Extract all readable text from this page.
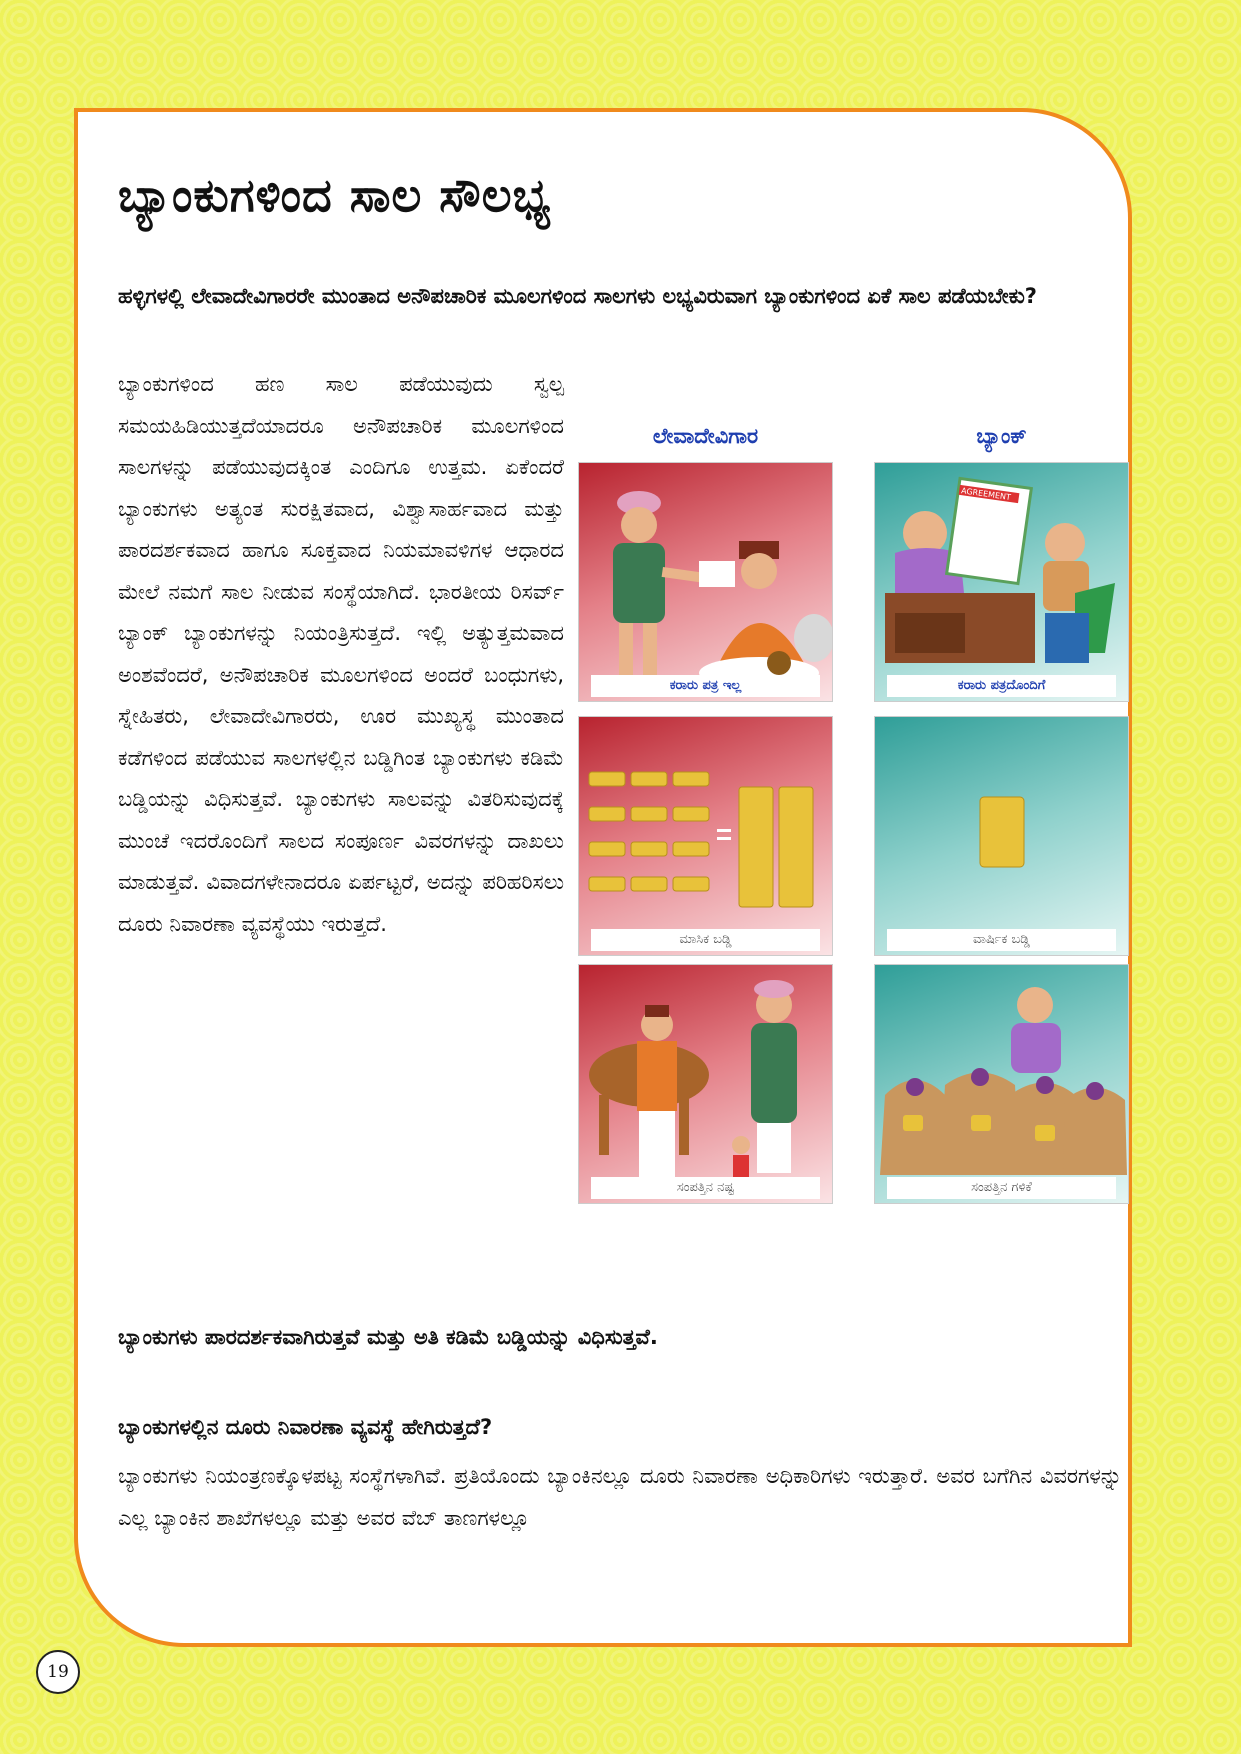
ಬ್ಯಾಂಕುಗಳಿಂದ ಸಾಲ ಸೌಲಭ್ಯ

ಹಳ್ಳಿಗಳಲ್ಲಿ ಲೇವಾದೇವಿಗಾರರೇ ಮುಂತಾದ ಅನೌಪಚಾರಿಕ ಮೂಲಗಳಿಂದ ಸಾಲಗಳು ಲಭ್ಯವಿರುವಾಗ ಬ್ಯಾಂಕುಗಳಿಂದ ಏಕೆ ಸಾಲ ಪಡೆಯಬೇಕು?

ಬ್ಯಾಂಕುಗಳಿಂದ ಹಣ ಸಾಲ ಪಡೆಯುವುದು ಸ್ವಲ್ಪ ಸಮಯಹಿಡಿಯುತ್ತದೆಯಾದರೂ ಅನೌಪಚಾರಿಕ ಮೂಲಗಳಿಂದ ಸಾಲಗಳನ್ನು ಪಡೆಯುವುದಕ್ಕಿಂತ ಎಂದಿಗೂ ಉತ್ತಮ. ಏಕೆಂದರೆ ಬ್ಯಾಂಕುಗಳು ಅತ್ಯಂತ ಸುರಕ್ಷಿತವಾದ, ವಿಶ್ವಾಸಾರ್ಹವಾದ ಮತ್ತು ಪಾರದರ್ಶಕವಾದ ಹಾಗೂ ಸೂಕ್ತವಾದ ನಿಯಮಾವಳಿಗಳ ಆಧಾರದ ಮೇಲೆ ನಮಗೆ ಸಾಲ ನೀಡುವ ಸಂಸ್ಥೆಯಾಗಿದೆ. ಭಾರತೀಯ ರಿಸರ್ವ್ ಬ್ಯಾಂಕ್ ಬ್ಯಾಂಕುಗಳನ್ನು ನಿಯಂತ್ರಿಸುತ್ತದೆ. ಇಲ್ಲಿ ಅತ್ಯುತ್ತಮವಾದ ಅಂಶವೆಂದರೆ, ಅನೌಪಚಾರಿಕ ಮೂಲಗಳಿಂದ ಅಂದರೆ ಬಂಧುಗಳು, ಸ್ನೇಹಿತರು, ಲೇವಾದೇವಿಗಾರರು, ಊರ ಮುಖ್ಯಸ್ಥ ಮುಂತಾದ ಕಡೆಗಳಿಂದ ಪಡೆಯುವ ಸಾಲಗಳಲ್ಲಿನ ಬಡ್ಡಿಗಿಂತ ಬ್ಯಾಂಕುಗಳು ಕಡಿಮೆ ಬಡ್ಡಿಯನ್ನು ವಿಧಿಸುತ್ತವೆ. ಬ್ಯಾಂಕುಗಳು ಸಾಲವನ್ನು ವಿತರಿಸುವುದಕ್ಕೆ ಮುಂಚೆ ಇದರೊಂದಿಗೆ ಸಾಲದ ಸಂಪೂರ್ಣ ವಿವರಗಳನ್ನು ದಾಖಲು ಮಾಡುತ್ತವೆ. ವಿವಾದಗಳೇನಾದರೂ ಏರ್ಪಟ್ಟರೆ, ಅದನ್ನು ಪರಿಹರಿಸಲು ದೂರು ನಿವಾರಣಾ ವ್ಯವಸ್ಥೆಯು ಇರುತ್ತದೆ.

ಲೇವಾದೇವಿಗಾರ	ಬ್ಯಾಂಕ್
ಕರಾರು ಪತ್ರ ಇಲ್ಲ
AGREEMENT
ಕರಾರು ಪತ್ರದೊಂದಿಗೆ
ಮಾಸಿಕ ಬಡ್ಡಿ	ವಾರ್ಷಿಕ ಬಡ್ಡಿ
ಸಂಪತ್ತಿನ ನಷ್ಟ	ಸಂಪತ್ತಿನ ಗಳಿಕೆ

ಬ್ಯಾಂಕುಗಳು ಪಾರದರ್ಶಕವಾಗಿರುತ್ತವೆ ಮತ್ತು ಅತಿ ಕಡಿಮೆ ಬಡ್ಡಿಯನ್ನು ವಿಧಿಸುತ್ತವೆ.

ಬ್ಯಾಂಕುಗಳಲ್ಲಿನ ದೂರು ನಿವಾರಣಾ ವ್ಯವಸ್ಥೆ ಹೇಗಿರುತ್ತದೆ?

ಬ್ಯಾಂಕುಗಳು ನಿಯಂತ್ರಣಕ್ಕೊಳಪಟ್ಟ ಸಂಸ್ಥೆಗಳಾಗಿವೆ. ಪ್ರತಿಯೊಂದು ಬ್ಯಾಂಕಿನಲ್ಲೂ ದೂರು ನಿವಾರಣಾ ಅಧಿಕಾರಿಗಳು ಇರುತ್ತಾರೆ. ಅವರ ಬಗೆಗಿನ ವಿವರಗಳನ್ನು ಎಲ್ಲ ಬ್ಯಾಂಕಿನ ಶಾಖೆಗಳಲ್ಲೂ ಮತ್ತು ಅವರ ವೆಬ್ ತಾಣಗಳಲ್ಲೂ

19
